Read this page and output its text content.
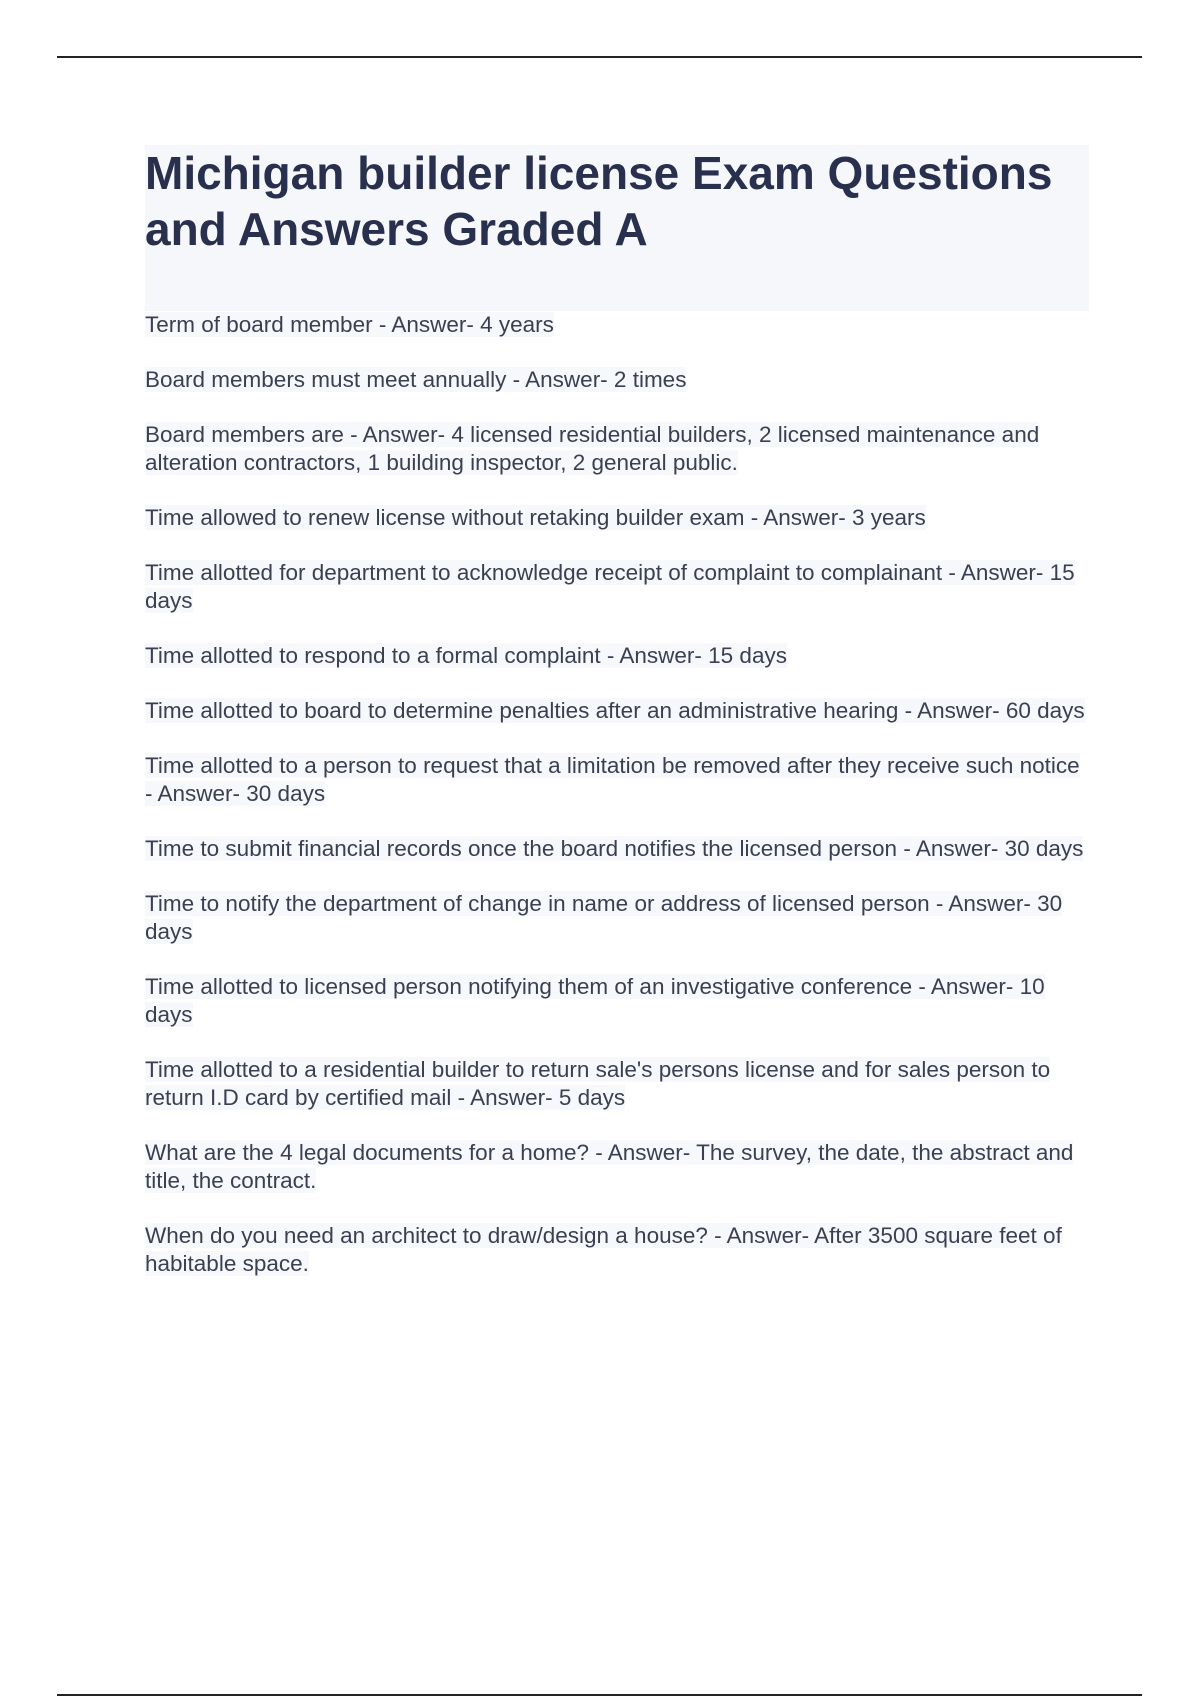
Michigan builder license Exam Questions and Answers Graded A
Term of board member - Answer- 4 years
Board members must meet annually - Answer- 2 times
Board members are - Answer- 4 licensed residential builders, 2 licensed maintenance and alteration contractors, 1 building inspector, 2 general public.
Time allowed to renew license without retaking builder exam - Answer- 3 years
Time allotted for department to acknowledge receipt of complaint to complainant - Answer- 15 days
Time allotted to respond to a formal complaint - Answer- 15 days
Time allotted to board to determine penalties after an administrative hearing - Answer- 60 days
Time allotted to a person to request that a limitation be removed after they receive such notice - Answer- 30 days
Time to submit financial records once the board notifies the licensed person - Answer- 30 days
Time to notify the department of change in name or address of licensed person - Answer- 30 days
Time allotted to licensed person notifying them of an investigative conference - Answer- 10 days
Time allotted to a residential builder to return sale's persons license and for sales person to return I.D card by certified mail - Answer- 5 days
What are the 4 legal documents for a home? - Answer- The survey, the date, the abstract and title, the contract.
When do you need an architect to draw/design a house? - Answer- After 3500 square feet of habitable space.
